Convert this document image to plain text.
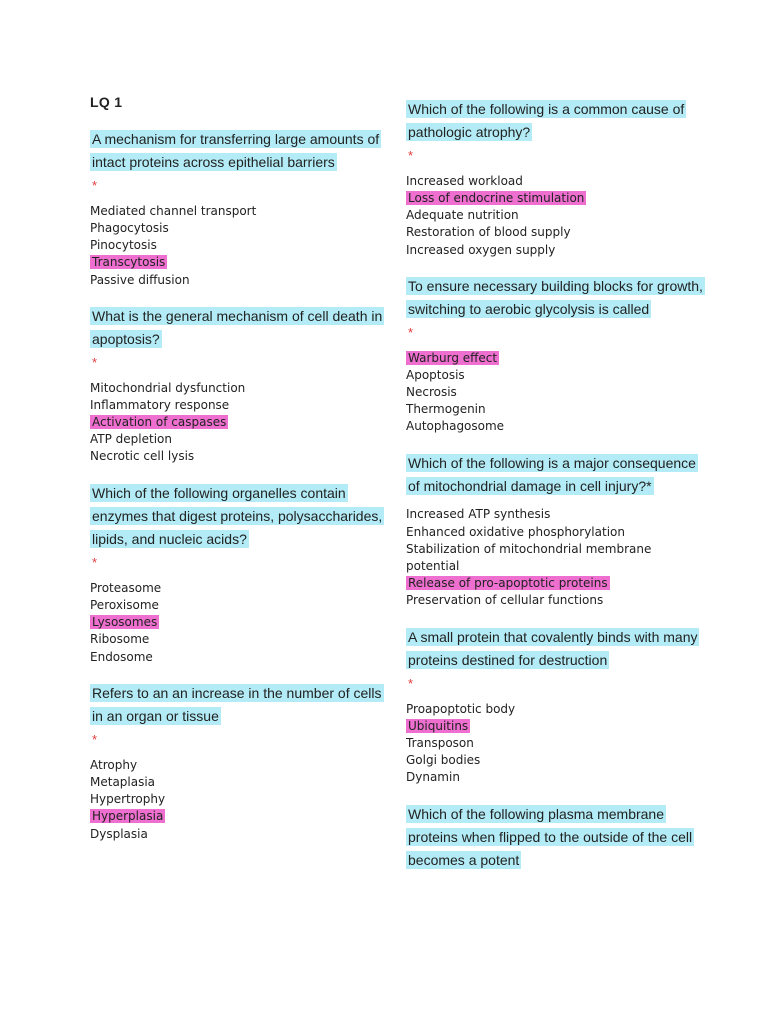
LQ 1

A mechanism for transferring large amounts of intact proteins across epithelial barriers

*
Mediated channel transport
Phagocytosis
Pinocytosis
Transcytosis
Passive diffusion

What is the general mechanism of cell death in apoptosis?

*
Mitochondrial dysfunction
Inflammatory response
Activation of caspases
ATP depletion
Necrotic cell lysis

Which of the following organelles contain enzymes that digest proteins, polysaccharides, lipids, and nucleic acids?

*
Proteasome
Peroxisome
Lysosomes
Ribosome
Endosome

Refers to an an increase in the number of cells in an organ or tissue

*
Atrophy
Metaplasia
Hypertrophy
Hyperplasia
Dysplasia

Which of the following is a common cause of pathologic atrophy?

*
Increased workload
Loss of endocrine stimulation
Adequate nutrition
Restoration of blood supply
Increased oxygen supply

To ensure necessary building blocks for growth, switching to aerobic glycolysis is called

*
Warburg effect
Apoptosis
Necrosis
Thermogenin
Autophagosome

Which of the following is a major consequence of mitochondrial damage in cell injury?*

Increased ATP synthesis
Enhanced oxidative phosphorylation
Stabilization of mitochondrial membrane potential
Release of pro-apoptotic proteins
Preservation of cellular functions

A small protein that covalently binds with many proteins destined for destruction

*
Proapoptotic body
Ubiquitins
Transposon
Golgi bodies
Dynamin

Which of the following plasma membrane proteins when flipped to the outside of the cell becomes a potent
